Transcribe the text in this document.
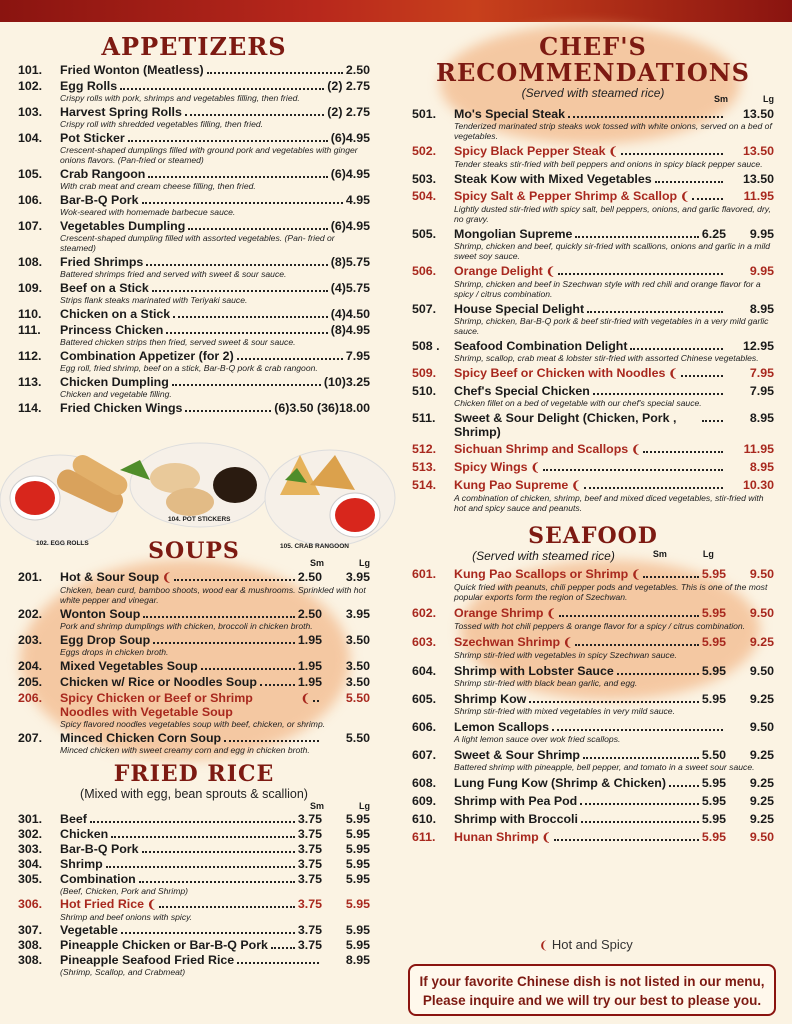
APPETIZERS
101.	Fried Wonton (Meatless)	2.50
102.	Egg Rolls	(2) 2.75
Crispy rolls with pork, shrimps and vegetables filling, then fried.
103.	Harvest Spring Rolls	(2) 2.75
Crispy roll with shredded vegetables filling, then fried.
104.	Pot Sticker	(6)4.95
Crescent-shaped dumplings filled with ground pork and vegetables with ginger onions flavors. (Pan-fried or steamed)
105.	Crab Rangoon	(6)4.95
With crab meat and cream cheese filling, then fried.
106.	Bar-B-Q Pork	4.95
Wok-seared with homemade barbecue sauce.
107.	Vegetables Dumpling	(6)4.95
Crescent-shaped dumpling filled with assorted vegetables. (Pan- fried or steamed)
108.	Fried Shrimps	(8)5.75
Battered shrimps fried and served with sweet & sour sauce.
109.	Beef on a Stick	(4)5.75
Strips flank steaks marinated with Teriyaki sauce.
110.	Chicken on a Stick	(4)4.50
111.	Princess Chicken	(8)4.95
Battered chicken strips then fried, served sweet & sour sauce.
112.	Combination Appetizer (for 2)	7.95
Egg roll, fried shrimp, beef on a stick, Bar-B-Q pork & crab rangoon.
113.	Chicken Dumpling	(10)3.25
Chicken and vegetable filling.
114.	Fried Chicken Wings	(6)3.50 (36)18.00
102. EGG ROLLS
104. POT STICKERS
105. CRAB RANGOON
SOUPS	Sm	Lg
201.	Hot & Sour Soup ❨	2.50	3.95
Chicken, bean curd, bamboo shoots, wood ear & mushrooms. Sprinkled with hot white pepper and vinegar.
202.	Wonton Soup	2.50	3.95
Pork and shrimp dumplings with chicken, broccoli in chicken broth.
203.	Egg Drop Soup	1.95	3.50
Eggs drops in chicken broth.
204.	Mixed Vegetables Soup	1.95	3.50
205.	Chicken w/ Rice or Noodles Soup	1.95	3.50
206.	Spicy Chicken or Beef or Shrimp Noodles with Vegetable Soup
❨	5.50
Spicy flavored noodles vegetables soup with beef, chicken, or shrimp.
207.	Minced Chicken Corn Soup	5.50
Minced chicken with sweet creamy corn and egg in chicken broth.
FRIED RICE
(Mixed with egg, bean sprouts & scallion)
Sm	Lg
301.	Beef	3.75	5.95
302.	Chicken	3.75	5.95
303.	Bar-B-Q Pork	3.75	5.95
304.	Shrimp	3.75	5.95
305.	Combination	3.75	5.95
(Beef, Chicken, Pork and Shrimp)
306.	Hot Fried Rice ❨	3.75	5.95
Shrimp and beef onions with spicy.
307.	Vegetable	3.75	5.95
308.	Pineapple Chicken or Bar-B-Q Pork 3.75	5.95
308.	Pineapple Seafood Fried Rice	8.95
(Shrimp, Scallop, and Crabmeat)
CHEF'S
RECOMMENDATIONS
(Served with steamed rice)	Sm	Lg
501.	Mo's Special Steak	13.50
Tenderized marinated strip steaks wok tossed with white onions, served on a bed of vegetables.
502.	Spicy Black Pepper Steak ❨	13.50
Tender steaks stir-fried with bell peppers and onions in spicy black pepper sauce.
503.	Steak Kow with Mixed Vegetables	13.50
504.	Spicy Salt & Pepper Shrimp & Scallop ❨	11.95
Lightly dusted stir-fried with spicy salt, bell peppers, onions, and garlic flavored, dry, no gravy.
505.	Mongolian Supreme	6.25	9.95
Shrimp, chicken and beef, quickly sir-fried with scallions, onions and garlic in a mild sweet soy sauce.
506.	Orange Delight ❨	9.95
Shrimp, chicken and beef in Szechwan style with red chili and orange flavor for a spicy / citrus combination.
507.	House Special Delight	8.95
Shrimp, chicken, Bar-B-Q pork & beef stir-fried with vegetables in a very mild garlic sauce.
508 .	Seafood Combination Delight	12.95
Shrimp, scallop, crab meat & lobster stir-fried with assorted Chinese vegetables.
509.	Spicy Beef or Chicken with Noodles ❨	7.95
510.	Chef's Special Chicken	7.95
Chicken fillet on a bed of vegetable with our chef's special sauce.
511.	Sweet & Sour Delight (Chicken, Pork , Shrimp)
8.95
512.	Sichuan Shrimp and Scallops ❨	11.95
513.	Spicy Wings ❨	8.95
514.	Kung Pao Supreme ❨	10.30
A combination of chicken, shrimp, beef and mixed diced vegetables, stir-fried with hot and spicy sauce and peanuts.
SEAFOOD
(Served with steamed rice)	Sm	Lg
601.	Kung Pao Scallops or Shrimp ❨	5.95	9.50
Quick fried with peanuts, chili pepper pods and vegetables. This is one of the most popular exports form the region of Szechwan.
602.	Orange Shrimp ❨	5.95	9.50
Tossed with hot chili peppers & orange flavor for a spicy / citrus combination.
603.	Szechwan Shrimp ❨	5.95	9.25
Shrimp stir-fried with vegetables in spicy Szechwan sauce.
604.	Shrimp with Lobster Sauce	5.95	9.50
Shrimp stir-fried with black bean garlic, and egg.
605.	Shrimp Kow	5.95	9.25
Shrimp stir-fried with mixed vegetables in very mild sauce.
606.	Lemon Scallops	9.50
A light lemon sauce over wok fried scallops.
607.	Sweet & Sour Shrimp	5.50	9.25
Battered shrimp with pineapple, bell pepper, and tomato in a sweet sour sauce.
608.	Lung Fung Kow (Shrimp & Chicken)	5.95	9.25
609.	Shrimp with Pea Pod	5.95	9.25
610.	Shrimp with Broccoli	5.95	9.25
611.	Hunan Shrimp ❨	5.95	9.50
❨ Hot and Spicy
If your favorite Chinese dish is not listed in our menu,
Please inquire and we will try our best to please you.
